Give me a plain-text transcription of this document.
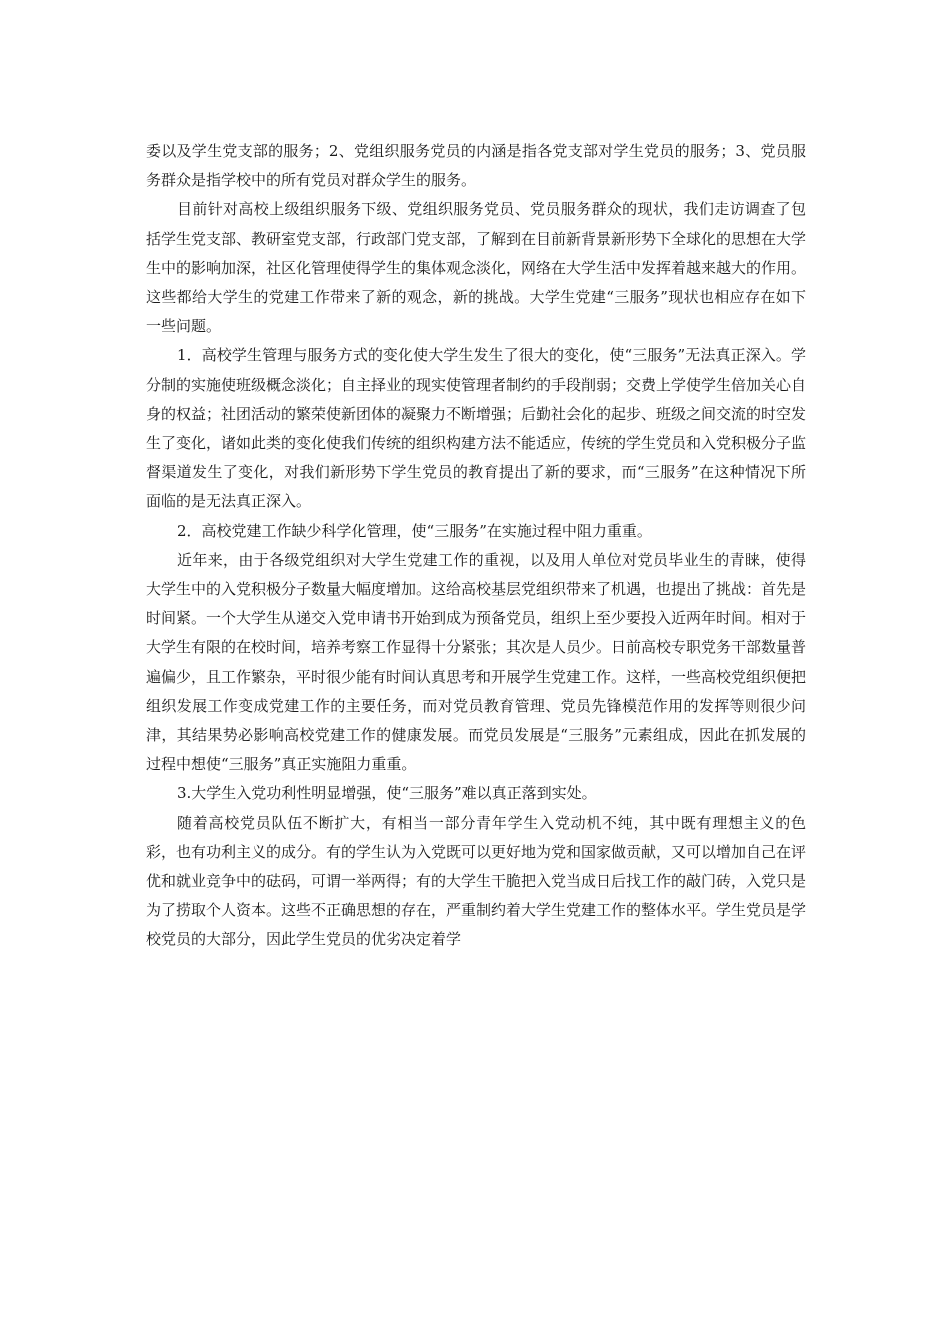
委以及学生党支部的服务；2、党组织服务党员的内涵是指各党支部对学生党员的服务；3、党员服务群众是指学校中的所有党员对群众学生的服务。

目前针对高校上级组织服务下级、党组织服务党员、党员服务群众的现状，我们走访调查了包括学生党支部、教研室党支部，行政部门党支部，了解到在目前新背景新形势下全球化的思想在大学生中的影响加深，社区化管理使得学生的集体观念淡化，网络在大学生活中发挥着越来越大的作用。这些都给大学生的党建工作带来了新的观念，新的挑战。大学生党建“三服务”现状也相应存在如下一些问题。

1．高校学生管理与服务方式的变化使大学生发生了很大的变化，使“三服务”无法真正深入。学分制的实施使班级概念淡化；自主择业的现实使管理者制约的手段削弱；交费上学使学生倍加关心自身的权益；社团活动的繁荣使新团体的凝聚力不断增强；后勤社会化的起步、班级之间交流的时空发生了变化，诸如此类的变化使我们传统的组织构建方法不能适应，传统的学生党员和入党积极分子监督渠道发生了变化，对我们新形势下学生党员的教育提出了新的要求，而“三服务”在这种情况下所面临的是无法真正深入。

2．高校党建工作缺少科学化管理，使“三服务”在实施过程中阻力重重。

近年来，由于各级党组织对大学生党建工作的重视，以及用人单位对党员毕业生的青睐，使得大学生中的入党积极分子数量大幅度增加。这给高校基层党组织带来了机遇，也提出了挑战：首先是时间紧。一个大学生从递交入党申请书开始到成为预备党员，组织上至少要投入近两年时间。相对于大学生有限的在校时间，培养考察工作显得十分紧张；其次是人员少。日前高校专职党务干部数量普遍偏少，且工作繁杂，平时很少能有时间认真思考和开展学生党建工作。这样，一些高校党组织便把组织发展工作变成党建工作的主要任务，而对党员教育管理、党员先锋模范作用的发挥等则很少问津，其结果势必影响高校党建工作的健康发展。而党员发展是“三服务”元素组成，因此在抓发展的过程中想使“三服务”真正实施阻力重重。

3.大学生入党功利性明显增强，使“三服务”难以真正落到实处。

随着高校党员队伍不断扩大，有相当一部分青年学生入党动机不纯，其中既有理想主义的色彩，也有功利主义的成分。有的学生认为入党既可以更好地为党和国家做贡献，又可以增加自己在评优和就业竞争中的砝码，可谓一举两得；有的大学生干脆把入党当成日后找工作的敲门砖，入党只是为了捞取个人资本。这些不正确思想的存在，严重制约着大学生党建工作的整体水平。学生党员是学校党员的大部分，因此学生党员的优劣决定着学
